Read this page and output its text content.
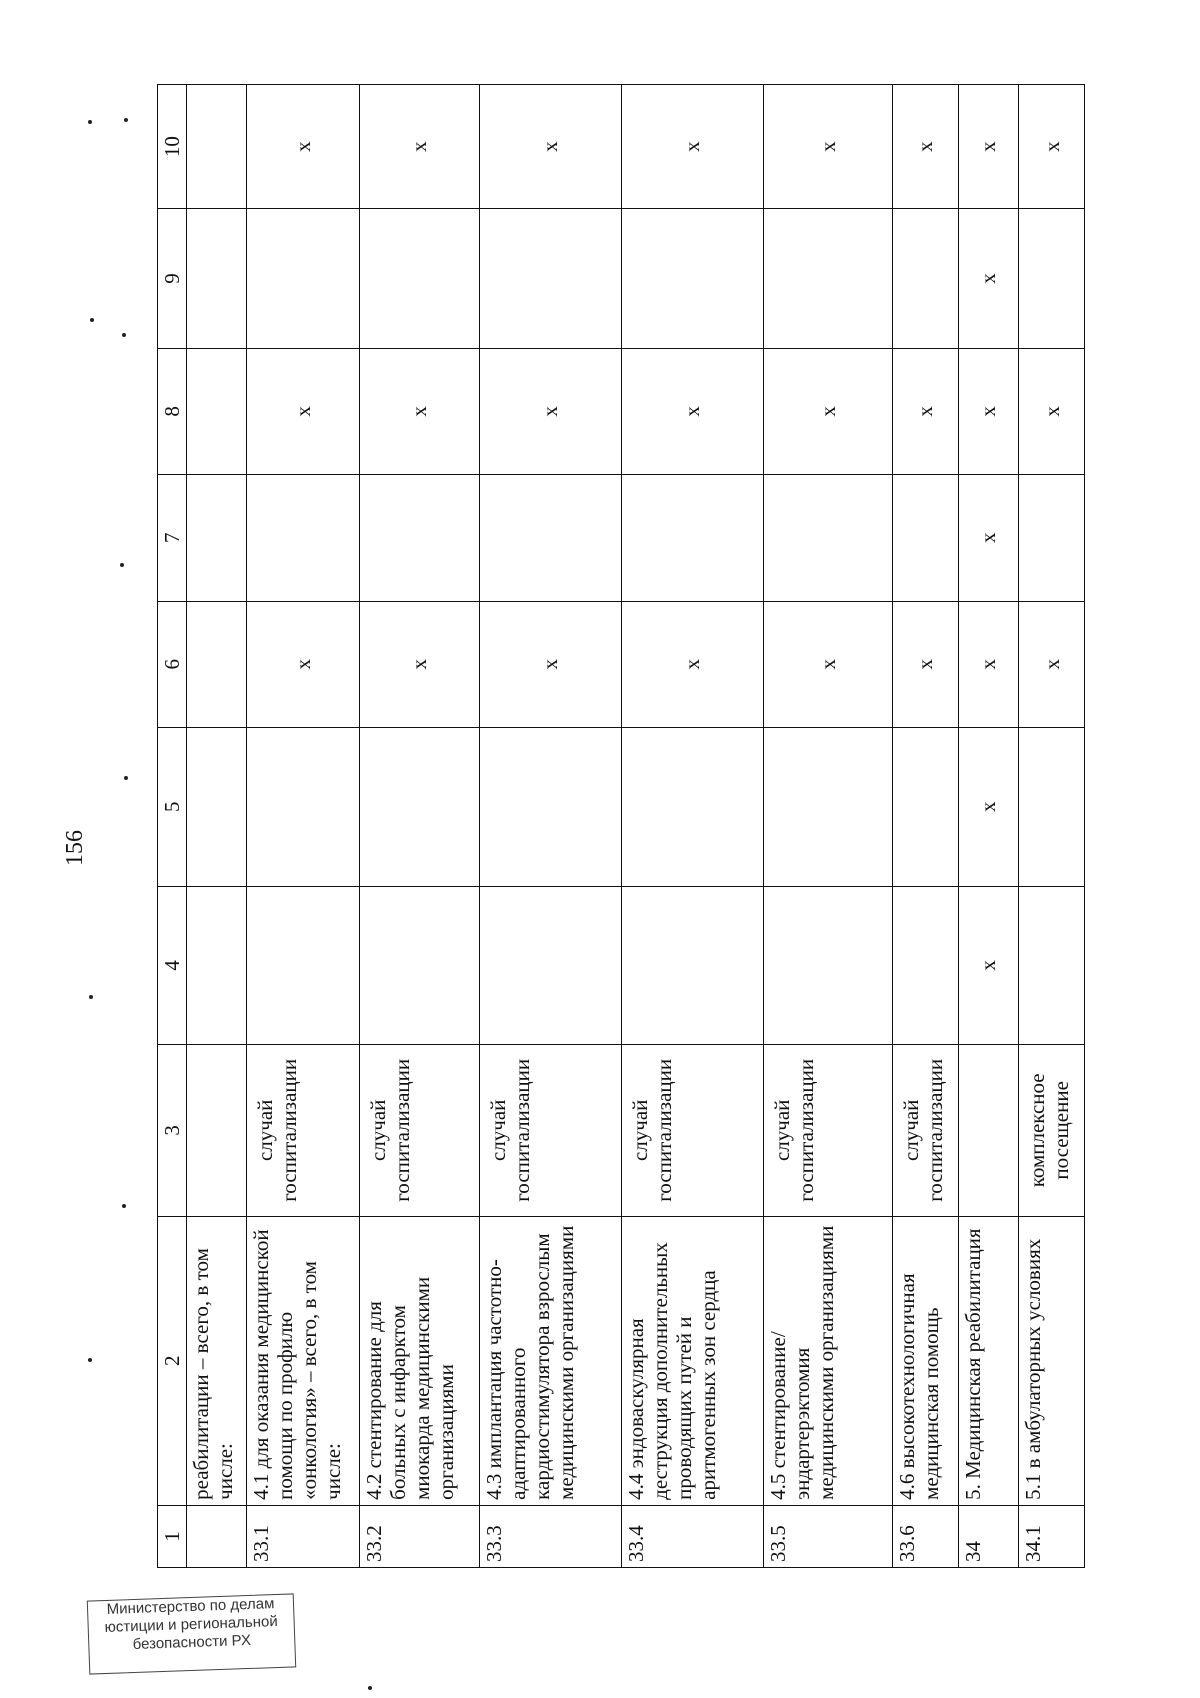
156
1	2	3	4	5	6	7	8	9	10
	реабилитации – всего, в том числе:								
33.1	4.1 для оказания медицинской помощи по профилю «онкология» – всего, в том числе:	случай госпитализации			х		х		х
33.2	4.2 стентирование для больных с инфарктом миокарда медицинскими организациями	случай госпитализации			х		х		х
33.3	4.3 имплантация частотно-адаптированного кардиостимулятора взрослым медицинскими организациями	случай госпитализации			х		х		х
33.4	4.4 эндоваскулярная деструкция дополнительных проводящих путей и аритмогенных зон сердца	случай госпитализации			х		х		х
33.5	4.5 стентирование/ эндартерэктомия медицинскими организациями	случай госпитализации			х		х		х
33.6	4.6 высокотехнологичная медицинская помощь	случай госпитализации			х		х		х
34	5. Медицинская реабилитация		х	х	х	х	х	х	х
34.1	5.1 в амбулаторных условиях	комплексное посещение			х		х		х
Министерство по делам
юстиции и региональной
безопасности РХ
